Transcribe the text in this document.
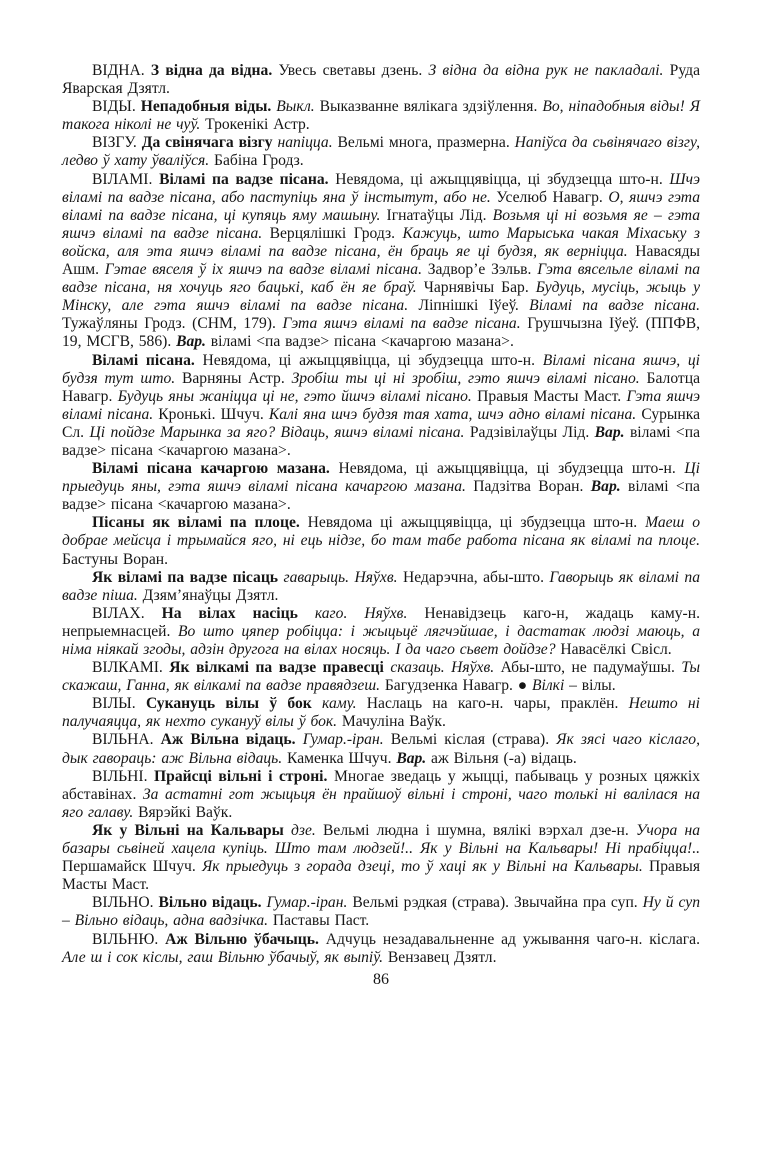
ВІДНА. З відна да відна. Увесь светавы дзень. З відна да відна рук не пакладалі. Руда Яварская Дзятл.

ВІДЫ. Непадобныя віды. Выкл. Выказванне вялікага здзіўлення. Во, ніпадобныя віды! Я такога ніколі не чуў. Трокенікі Астр.

ВІЗГУ. Да свінячага візгу напіцца. Вельмі многа, празмерна. Напіўса да сьвінячаго візгу, ледво ў хату ўваліўся. Бабіна Гродз.

ВІЛАМІ. Віламі па вадзе пісана. Невядома, ці ажыццявіцца, ці збудзецца што-н. Шчэ віламі па вадзе пісана, або паступіць яна ў інстытут, або не. Уселюб Навагр. О, яшчэ гэта віламі па вадзе пісана, ці купяць яму машыну. Ігнатаўцы Лід. Возьмя ці ні возьмя яе – гэта яшчэ віламі па вадзе пісана. Верцялішкі Гродз. Кажуць, што Марыська чакая Міхаську з войска, аля эта яшчэ віламі па вадзе пісана, ён браць яе ці будзя, як верніцца. Навасяды Ашм. Гэтае вяселя ў іх яшчэ па вадзе віламі пісана. Задвор’е Зэльв. Гэта вясельле віламі па вадзе пісана, ня хочуць яго бацькі, каб ён яе браў. Чарнявічы Бар. Будуць, мусіць, жыць у Мінску, але гэта яшчэ віламі па вадзе пісана. Ліпнішкі Іўеў. Віламі па вадзе пісана. Тужаўляны Гродз. (СНМ, 179). Гэта яшчэ віламі па вадзе пісана. Грушчызна Іўеў. (ППФВ, 19, МСГВ, 586). Вар. віламі <па вадзе> пісана <качаргою мазана>.

Віламі пісана. Невядома, ці ажыццявіцца, ці збудзецца што-н. Віламі пісана яшчэ, ці будзя тут што. Варняны Астр. Зробіш ты ці ні зробіш, гэто яшчэ віламі пісано. Балотца Навагр. Будуць яны жаніцца ці не, гэто йшчэ віламі пісано. Правыя Масты Маст. Гэта яшчэ віламі пісана. Кронькі. Шчуч. Калі яна шчэ будзя тая хата, шчэ адно віламі пісана. Сурынка Сл. Ці пойдзе Марынка за яго? Відаць, яшчэ віламі пісана. Радзівілаўцы Лід. Вар. віламі <па вадзе> пісана <качаргою мазана>.

Віламі пісана качаргою мазана. Невядома, ці ажыццявіцца, ці збудзецца што-н. Ці прыедуць яны, гэта яшчэ віламі пісана качаргою мазана. Падзітва Воран. Вар. віламі <па вадзе> пісана <качаргою мазана>.

Пісаны як віламі па плоце. Невядома ці ажыццявіцца, ці збудзецца што-н. Маеш о добрае мейсца і трымайся яго, ні ець нідзе, бо там табе работа пісана як віламі па плоце. Бастуны Воран.

Як віламі па вадзе пісаць гаварыць. Няўхв. Недарэчна, абы-што. Гаворыць як віламі па вадзе піша. Дзям’янаўцы Дзятл.

ВІЛАХ. На вілах насіць каго. Няўхв. Ненавідзець каго-н, жадаць каму-н. непрыемнасцей. Во што цяпер робіцца: і жыцьцё лягчэйшае, і дастатак людзі маюць, а німа ніякай згоды, адзін другога на вілах носяць. І да чаго сьвет дойдзе? Навасёлкі Свісл.

ВІЛКАМІ. Як вілкамі па вадзе правесці сказаць. Няўхв. Абы-што, не падумаўшы. Ты скажаш, Ганна, як вілкамі па вадзе правядзеш. Багудзенка Навагр. ● Вілкі – вілы.

ВІЛЫ. Сукануць вілы ў бок каму. Наслаць на каго-н. чары, праклён. Нешто ні палучаяцца, як нехто сукануў вілы ў бок. Мачуліна Ваўк.

ВІЛЬНА. Аж Вільна відаць. Гумар.-іран. Вельмі кіслая (страва). Як зясі чаго кіслаго, дык гавораць: аж Вільна відаць. Каменка Шчуч. Вар. аж Вільня (-а) відаць.

ВІЛЬНІ. Прайсці вільні і строні. Многае зведаць у жыцці, пабываць у розных цяжкіх абставінах. За астатні гот жыцьця ён прайшоў вільні і строні, чаго толькі ні валілася на яго галаву. Вярэйкі Ваўк.

Як у Вільні на Кальвары дзе. Вельмі людна і шумна, вялікі вэрхал дзе-н. Учора на базары сьвіней хацела купіць. Што там людзей!.. Як у Вільні на Кальвары! Ні прабіцца!.. Першамайск Шчуч. Як прыедуць з горада дзеці, то ў хаці як у Вільні на Кальвары. Правыя Масты Маст.

ВІЛЬНО. Вільно відаць. Гумар.-іран. Вельмі рэдкая (страва). Звычайна пра суп. Ну й суп – Вільно відаць, адна вадзічка. Паставы Паст.

ВІЛЬНЮ. Аж Вільню ўбачыць. Адчуць незадавальненне ад ужывання чаго-н. кіслага. Але ш і сок кіслы, гаш Вільню ўбачыў, як выпіў. Вензавец Дзятл.

86
